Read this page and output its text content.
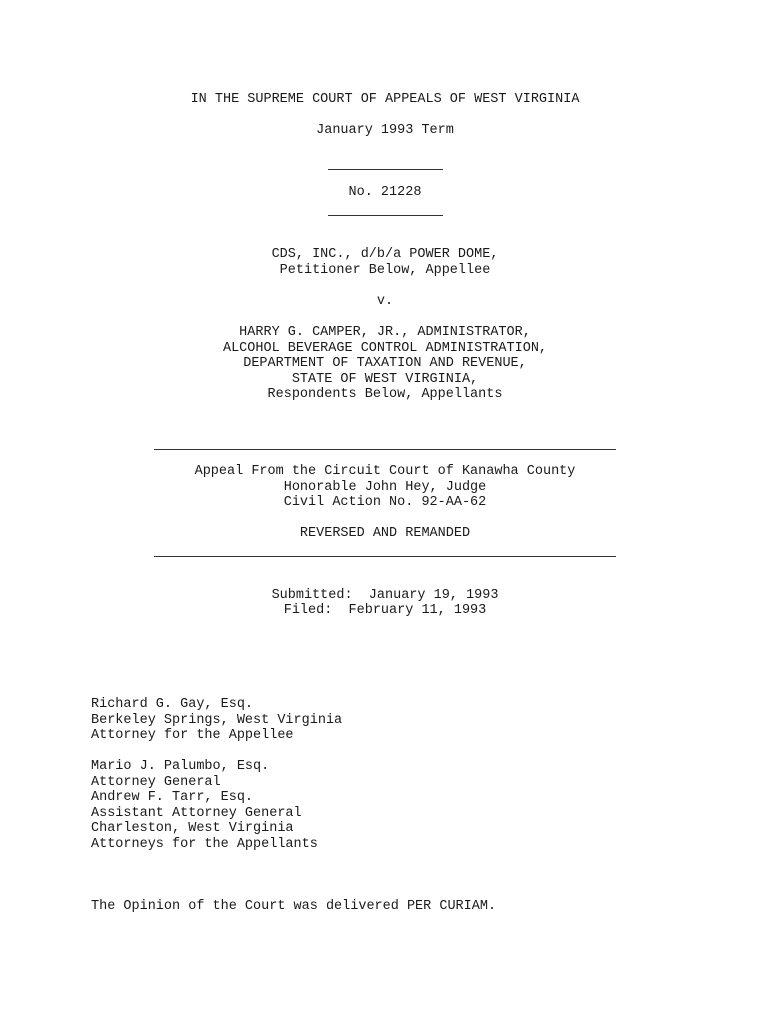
IN THE SUPREME COURT OF APPEALS OF WEST VIRGINIA
January 1993 Term
No. 21228
CDS, INC., d/b/a POWER DOME,
Petitioner Below, Appellee
v.
HARRY G. CAMPER, JR., ADMINISTRATOR,
ALCOHOL BEVERAGE CONTROL ADMINISTRATION,
DEPARTMENT OF TAXATION AND REVENUE,
STATE OF WEST VIRGINIA,
Respondents Below, Appellants
Appeal From the Circuit Court of Kanawha County
Honorable John Hey, Judge
Civil Action No. 92-AA-62
REVERSED AND REMANDED
Submitted:  January 19, 1993
Filed:  February 11, 1993
Richard G. Gay, Esq.
Berkeley Springs, West Virginia
Attorney for the Appellee
Mario J. Palumbo, Esq.
Attorney General
Andrew F. Tarr, Esq.
Assistant Attorney General
Charleston, West Virginia
Attorneys for the Appellants
The Opinion of the Court was delivered PER CURIAM.
